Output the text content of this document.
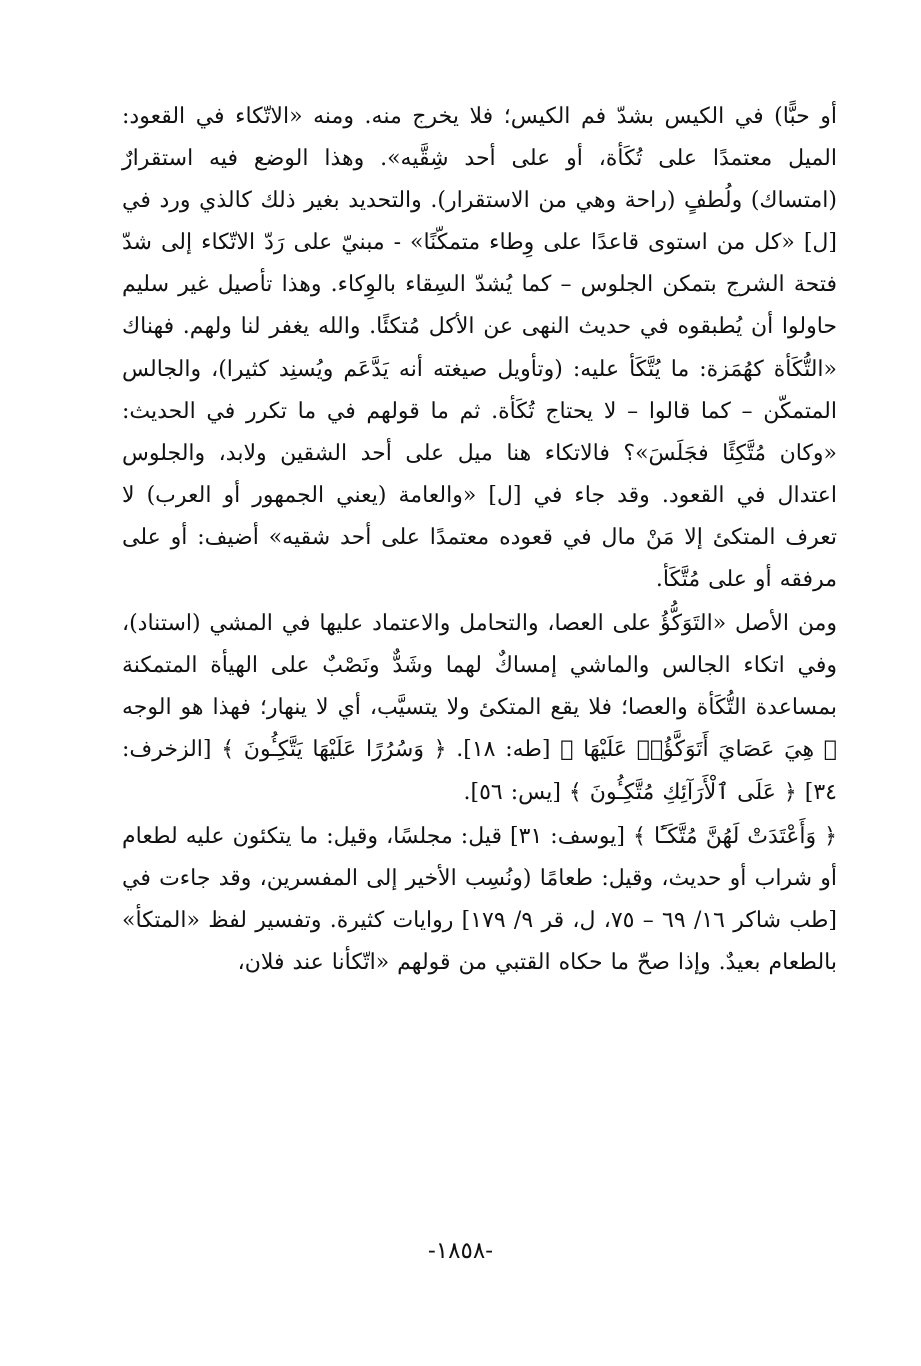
أو حبًّا) في الكيس بشدّ فم الكيس؛ فلا يخرج منه. ومنه «الاتّكاء في القعود: الميل معتمدًا على تُكَأة، أو على أحد شِقَّيه». وهذا الوضع فيه استقرارٌ (امتساك) ولُطفٍ (راحة وهي من الاستقرار). والتحديد بغير ذلك كالذي ورد في [ل] «كل من استوى قاعدًا على وِطاء متمكّنًا» - مبنيّ على رَدّ الاتّكاء إلى شدّ فتحة الشرج بتمكن الجلوس – كما يُشدّ السِقاء بالوِكاء. وهذا تأصيل غير سليم حاولوا أن يُطبقوه في حديث النهى عن الأكل مُتكئًا. والله يغفر لنا ولهم. فهناك «التُّكَأة كهُمَزة: ما يُتَّكَأ عليه: (وتأويل صيغته أنه يَدَّعَم ويُسنِد كثيرا)، والجالس المتمكّن – كما قالوا – لا يحتاج تُكَأة. ثم ما قولهم في ما تكرر في الحديث: «وكان مُتَّكِئًا فجَلَسَ»؟ فالاتكاء هنا ميل على أحد الشقين ولابد، والجلوس اعتدال في القعود. وقد جاء في [ل] «والعامة (يعني الجمهور أو العرب) لا تعرف المتكئ إلا مَنْ مال في قعوده معتمدًا على أحد شقيه» أضيف: أو على مرفقه أو على مُتَّكَأ.

ومن الأصل «التَوَكُّؤُ على العصا، والتحامل والاعتماد عليها في المشي (استناد)، وفي اتكاء الجالس والماشي إمساكٌ لهما وشَدٌّ ونَصْبٌ على الهيأة المتمكنة بمساعدة التُّكَأة والعصا؛ فلا يقع المتكئ ولا يتسيَّب، أي لا ينهار؛ فهذا هو الوجه ﴿ هِيَ عَصَايَ أَتَوَكَّؤُا۟ عَلَيْهَا ﴾ [طه: ١٨]. ﴿ وَسُرُرًا عَلَيْهَا يَتَّكِـُٔونَ ﴾ [الزخرف: ٣٤] ﴿ عَلَى ٱلْأَرَآئِكِ مُتَّكِـُٔونَ ﴾ [يس: ٥٦].

﴿ وَأَعْتَدَتْ لَهُنَّ مُتَّكَـًٔا ﴾ [يوسف: ٣١] قيل: مجلسًا، وقيل: ما يتكئون عليه لطعام أو شراب أو حديث، وقيل: طعامًا (ونُسِب الأخير إلى المفسرين، وقد جاءت في [طب شاكر ١٦/ ٦٩ – ٧٥، ل، قر ٩/ ١٧٩] روايات كثيرة. وتفسير لفظ «المتكأ» بالطعام بعيدٌ. وإذا صحّ ما حكاه القتبي من قولهم «اتّكأنا عند فلان،

-١٨٥٨-
